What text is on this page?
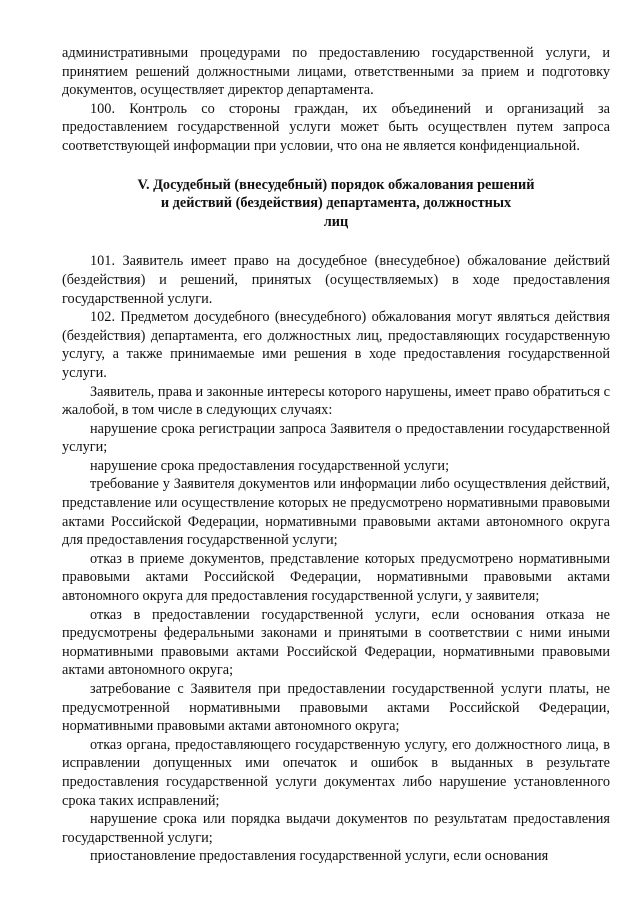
административными процедурами по предоставлению государственной услуги, и принятием решений должностными лицами, ответственными за прием и подготовку документов, осуществляет директор департамента.

100. Контроль со стороны граждан, их объединений и организаций за предоставлением государственной услуги может быть осуществлен путем запроса соответствующей информации при условии, что она не является конфиденциальной.

V. Досудебный (внесудебный) порядок обжалования решений
и действий (бездействия) департамента, должностных
лиц

101. Заявитель имеет право на досудебное (внесудебное) обжалование действий (бездействия) и решений, принятых (осуществляемых) в ходе предоставления государственной услуги.

102. Предметом досудебного (внесудебного) обжалования могут являться действия (бездействия) департамента, его должностных лиц, предоставляющих государственную услугу, а также принимаемые ими решения в ходе предоставления государственной услуги.

Заявитель, права и законные интересы которого нарушены, имеет право обратиться с жалобой, в том числе в следующих случаях:

нарушение срока регистрации запроса Заявителя о предоставлении государственной услуги;

нарушение срока предоставления государственной услуги;

требование у Заявителя документов или информации либо осуществления действий, представление или осуществление которых не предусмотрено нормативными правовыми актами Российской Федерации, нормативными правовыми актами автономного округа для предоставления государственной услуги;

отказ в приеме документов, представление которых предусмотрено нормативными правовыми актами Российской Федерации, нормативными правовыми актами автономного округа для предоставления государственной услуги, у заявителя;

отказ в предоставлении государственной услуги, если основания отказа не предусмотрены федеральными законами и принятыми в соответствии с ними иными нормативными правовыми актами Российской Федерации, нормативными правовыми актами автономного округа;

затребование с Заявителя при предоставлении государственной услуги платы, не предусмотренной нормативными правовыми актами Российской Федерации, нормативными правовыми актами автономного округа;

отказ органа, предоставляющего государственную услугу, его должностного лица, в исправлении допущенных ими опечаток и ошибок в выданных в результате предоставления государственной услуги документах либо нарушение установленного срока таких исправлений;

нарушение срока или порядка выдачи документов по результатам предоставления государственной услуги;

приостановление предоставления государственной услуги, если основания
